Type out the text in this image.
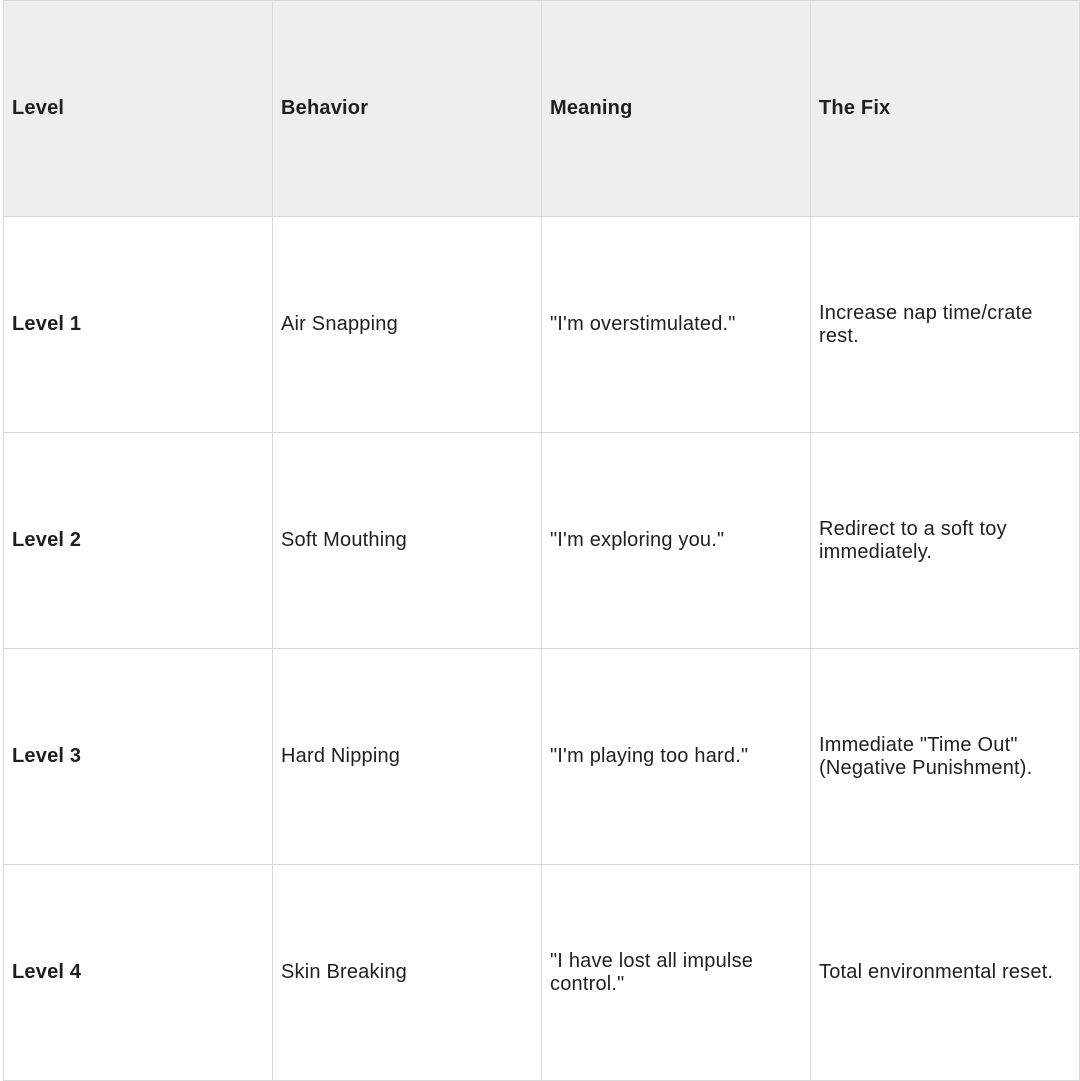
Level	Behavior	Meaning	The Fix
Level 1	Air Snapping	"I'm overstimulated."	Increase nap time/crate rest.
Level 2	Soft Mouthing	"I'm exploring you."	Redirect to a soft toy immediately.
Level 3	Hard Nipping	"I'm playing too hard."	Immediate "Time Out" (Negative Punishment).
Level 4	Skin Breaking	"I have lost all impulse control."	Total environmental reset.
